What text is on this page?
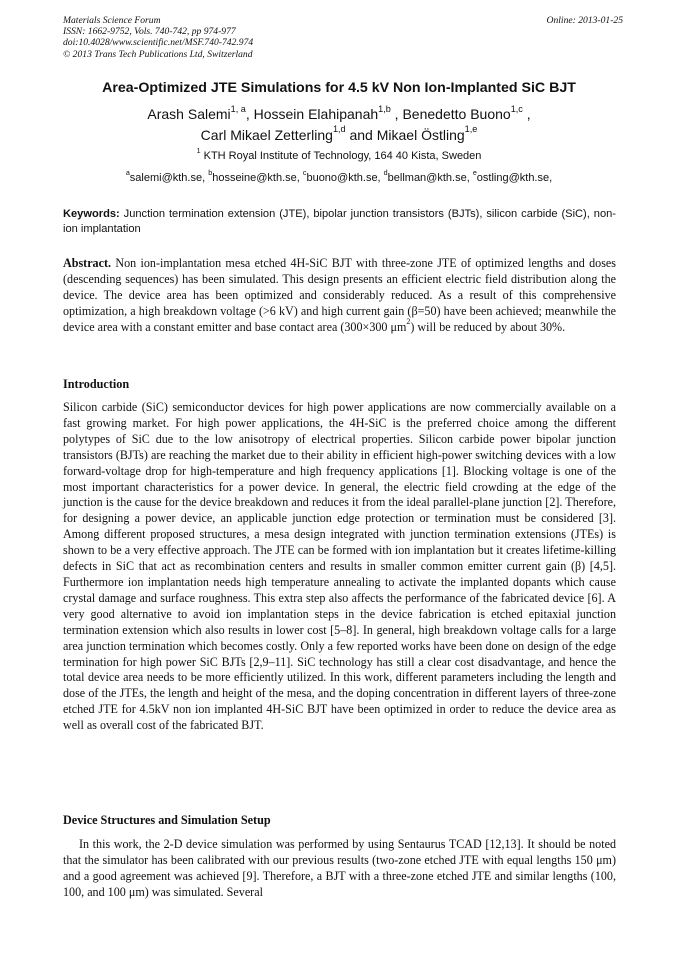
Materials Science Forum
ISSN: 1662-9752, Vols. 740-742, pp 974-977
doi:10.4028/www.scientific.net/MSF.740-742.974
© 2013 Trans Tech Publications Ltd, Switzerland
Online: 2013-01-25
Area-Optimized JTE Simulations for 4.5 kV Non Ion-Implanted SiC BJT
Arash Salemi$^{1, a}$, Hossein Elahipanah$^{1,b}$ , Benedetto Buono$^{1,c}$ ,
Carl Mikael Zetterling$^{1,d}$ and Mikael Östling$^{1,e}$
$^1$ KTH Royal Institute of Technology, 164 40 Kista, Sweden
$^a$salemi@kth.se, $^b$hosseine@kth.se, $^c$buono@kth.se, $^d$bellman@kth.se, $^e$ostling@kth.se,
Keywords: Junction termination extension (JTE), bipolar junction transistors (BJTs), silicon carbide (SiC), non-ion implantation
Abstract. Non ion-implantation mesa etched 4H-SiC BJT with three-zone JTE of optimized lengths and doses (descending sequences) has been simulated. This design presents an efficient electric field distribution along the device. The device area has been optimized and considerably reduced. As a result of this comprehensive optimization, a high breakdown voltage (>6 kV) and high current gain (β=50) have been achieved; meanwhile the device area with a constant emitter and base contact area (300×300 $\mu m^2$) will be reduced by about 30%.
Introduction
Silicon carbide (SiC) semiconductor devices for high power applications are now commercially available on a fast growing market. For high power applications, the 4H-SiC is the preferred choice among the different polytypes of SiC due to the low anisotropy of electrical properties. Silicon carbide power bipolar junction transistors (BJTs) are reaching the market due to their ability in efficient high-power switching devices with a low forward-voltage drop for high-temperature and high frequency applications [1]. Blocking voltage is one of the most important characteristics for a power device. In general, the electric field crowding at the edge of the junction is the cause for the device breakdown and reduces it from the ideal parallel-plane junction [2]. Therefore, for designing a power device, an applicable junction edge protection or termination must be considered [3]. Among different proposed structures, a mesa design integrated with junction termination extensions (JTEs) is shown to be a very effective approach. The JTE can be formed with ion implantation but it creates lifetime-killing defects in SiC that act as recombination centers and results in smaller common emitter current gain (β) [4,5]. Furthermore ion implantation needs high temperature annealing to activate the implanted dopants which cause crystal damage and surface roughness. This extra step also affects the performance of the fabricated device [6]. A very good alternative to avoid ion implantation steps in the device fabrication is etched epitaxial junction termination extension which also results in lower cost [5–8]. In general, high breakdown voltage calls for a large area junction termination which becomes costly. Only a few reported works have been done on design of the edge termination for high power SiC BJTs [2,9–11]. SiC technology has still a clear cost disadvantage, and hence the total device area needs to be more efficiently utilized. In this work, different parameters including the length and dose of the JTEs, the length and height of the mesa, and the doping concentration in different layers of three-zone etched JTE for 4.5kV non ion implanted 4H-SiC BJT have been optimized in order to reduce the device area as well as overall cost of the fabricated BJT.
Device Structures and Simulation Setup
In this work, the 2-D device simulation was performed by using Sentaurus TCAD [12,13]. It should be noted that the simulator has been calibrated with our previous results (two-zone etched JTE with equal lengths 150 μm) and a good agreement was achieved [9]. Therefore, a BJT with a three-zone etched JTE and similar lengths (100, 100, and 100 μm) was simulated. Several
